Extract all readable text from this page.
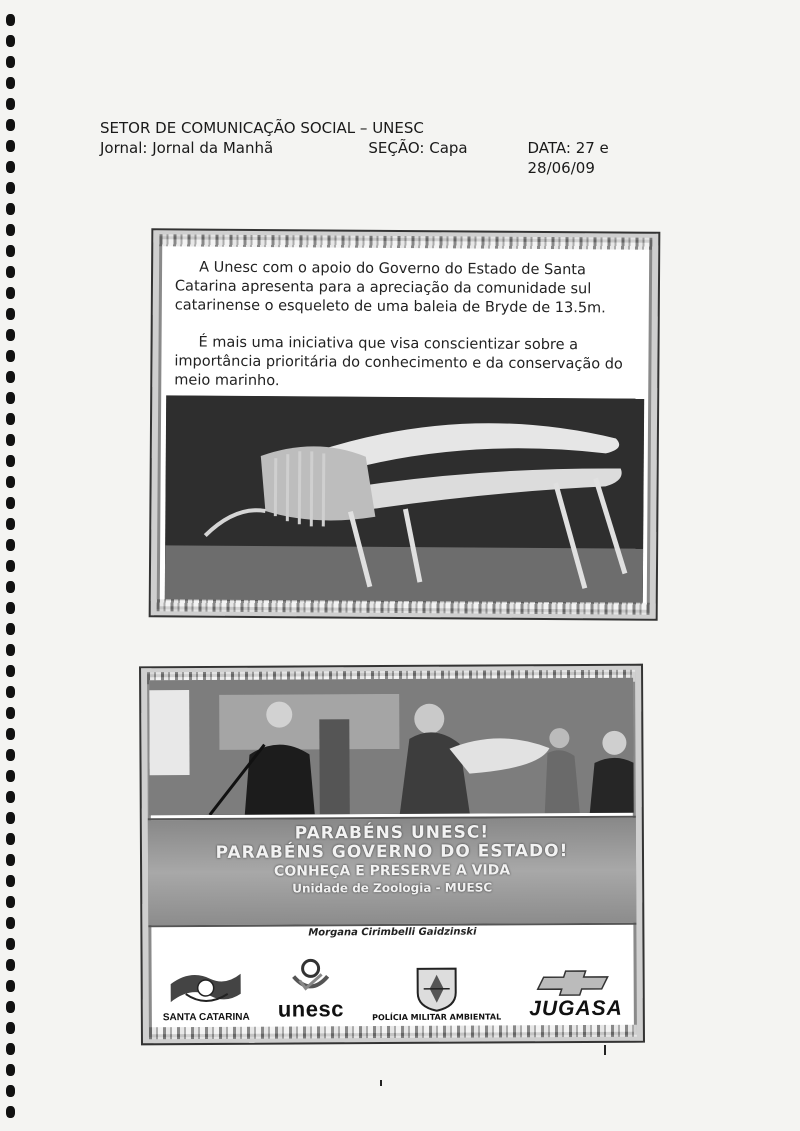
SETOR DE COMUNICAÇÃO SOCIAL – UNESC
Jornal: Jornal da Manhã	SEÇÃO: Capa	DATA: 27 e 28/06/09

A Unesc com o apoio do Governo do Estado de Santa Catarina apresenta para a apreciação da comunidade sul catarinense o esqueleto de uma baleia de Bryde de 13.5m.

É mais uma iniciativa que visa conscientizar sobre a importância prioritária do conhecimento e da conservação do meio marinho.

PARABÉNS UNESC!
PARABÉNS GOVERNO DO ESTADO!
CONHEÇA E PRESERVE A VIDA
Unidade de Zoologia - MUESC
Morgana Cirimbelli Gaidzinski
SANTA CATARINA unesc	POLÍCIA MILITAR AMBIENTAL JUGASA
